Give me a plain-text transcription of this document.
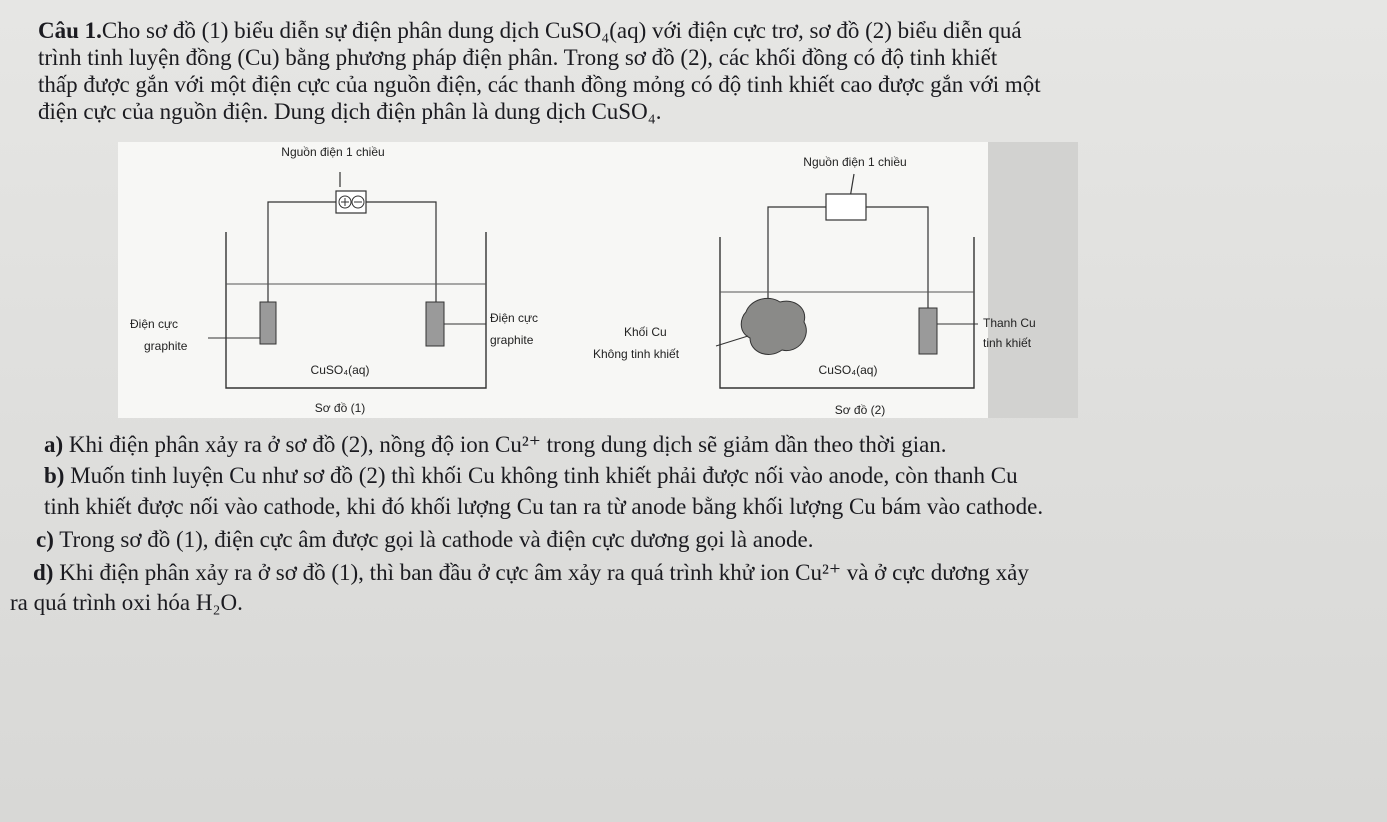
Câu 1.Cho sơ đồ (1) biểu diễn sự điện phân dung dịch CuSO₄(aq) với điện cực trơ, sơ đồ (2) biểu diễn quá
trình tinh luyện đồng (Cu) bằng phương pháp điện phân. Trong sơ đồ (2), các khối đồng có độ tinh khiết
thấp được gắn với một điện cực của nguồn điện, các thanh đồng mỏng có độ tinh khiết cao được gắn với một
điện cực của nguồn điện. Dung dịch điện phân là dung dịch CuSO₄.
Nguồn điện 1 chiều
Điện cực
graphite
Điện cực
graphite
CuSO₄(aq)
Sơ đồ (1)
Nguồn điện 1 chiều
Khối Cu
Không tinh khiết
Thanh Cu
tinh khiết
CuSO₄(aq)
Sơ đồ (2)
a) Khi điện phân xảy ra ở sơ đồ (2), nồng độ ion Cu²⁺ trong dung dịch sẽ giảm dần theo thời gian.
b) Muốn tinh luyện Cu như sơ đồ (2) thì khối Cu không tinh khiết phải được nối vào anode, còn thanh Cu
tinh khiết được nối vào cathode, khi đó khối lượng Cu tan ra từ anode bằng khối lượng Cu bám vào cathode.
c) Trong sơ đồ (1), điện cực âm được gọi là cathode và điện cực dương gọi là anode.
d) Khi điện phân xảy ra ở sơ đồ (1), thì ban đầu ở cực âm xảy ra quá trình khử ion Cu²⁺ và ở cực dương xảy
ra quá trình oxi hóa H₂O.
